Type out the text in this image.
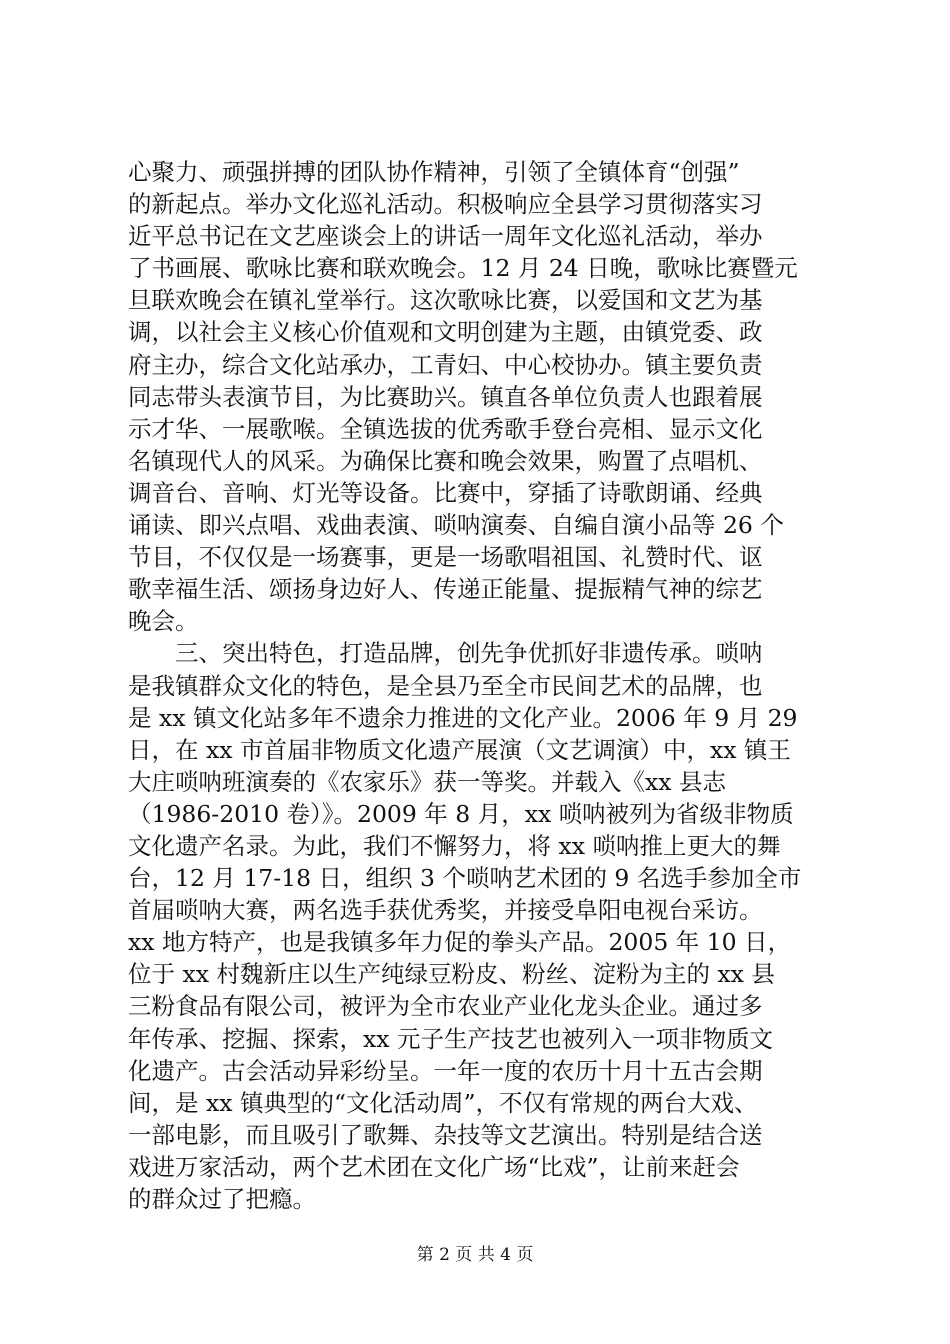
心聚力、顽强拼搏的团队协作精神，引领了全镇体育“创强”
的新起点。举办文化巡礼活动。积极响应全县学习贯彻落实习
近平总书记在文艺座谈会上的讲话一周年文化巡礼活动，举办
了书画展、歌咏比赛和联欢晚会。12 月 24 日晚，歌咏比赛暨元
旦联欢晚会在镇礼堂举行。这次歌咏比赛，以爱国和文艺为基
调，以社会主义核心价值观和文明创建为主题，由镇党委、政
府主办，综合文化站承办，工青妇、中心校协办。镇主要负责
同志带头表演节目，为比赛助兴。镇直各单位负责人也跟着展
示才华、一展歌喉。全镇选拔的优秀歌手登台亮相、显示文化
名镇现代人的风采。为确保比赛和晚会效果，购置了点唱机、
调音台、音响、灯光等设备。比赛中，穿插了诗歌朗诵、经典
诵读、即兴点唱、戏曲表演、唢呐演奏、自编自演小品等 26 个
节目，不仅仅是一场赛事，更是一场歌唱祖国、礼赞时代、讴
歌幸福生活、颂扬身边好人、传递正能量、提振精气神的综艺
晚会。
　　三、突出特色，打造品牌，创先争优抓好非遗传承。唢呐
是我镇群众文化的特色，是全县乃至全市民间艺术的品牌，也
是 xx 镇文化站多年不遗余力推进的文化产业。2006 年 9 月 29
日，在 xx 市首届非物质文化遗产展演（文艺调演）中，xx 镇王
大庄唢呐班演奏的《农家乐》获一等奖。并载入《xx 县志
（1986-2010 卷）》。2009 年 8 月，xx 唢呐被列为省级非物质
文化遗产名录。为此，我们不懈努力，将 xx 唢呐推上更大的舞
台，12 月 17-18 日，组织 3 个唢呐艺术团的 9 名选手参加全市
首届唢呐大赛，两名选手获优秀奖，并接受阜阳电视台采访。
xx 地方特产，也是我镇多年力促的拳头产品。2005 年 10 日，
位于 xx 村魏新庄以生产纯绿豆粉皮、粉丝、淀粉为主的 xx 县
三粉食品有限公司，被评为全市农业产业化龙头企业。通过多
年传承、挖掘、探索，xx 元子生产技艺也被列入一项非物质文
化遗产。古会活动异彩纷呈。一年一度的农历十月十五古会期
间，是 xx 镇典型的“文化活动周”，不仅有常规的两台大戏、
一部电影，而且吸引了歌舞、杂技等文艺演出。特别是结合送
戏进万家活动，两个艺术团在文化广场“比戏”，让前来赶会
的群众过了把瘾。
第 2 页 共 4 页
